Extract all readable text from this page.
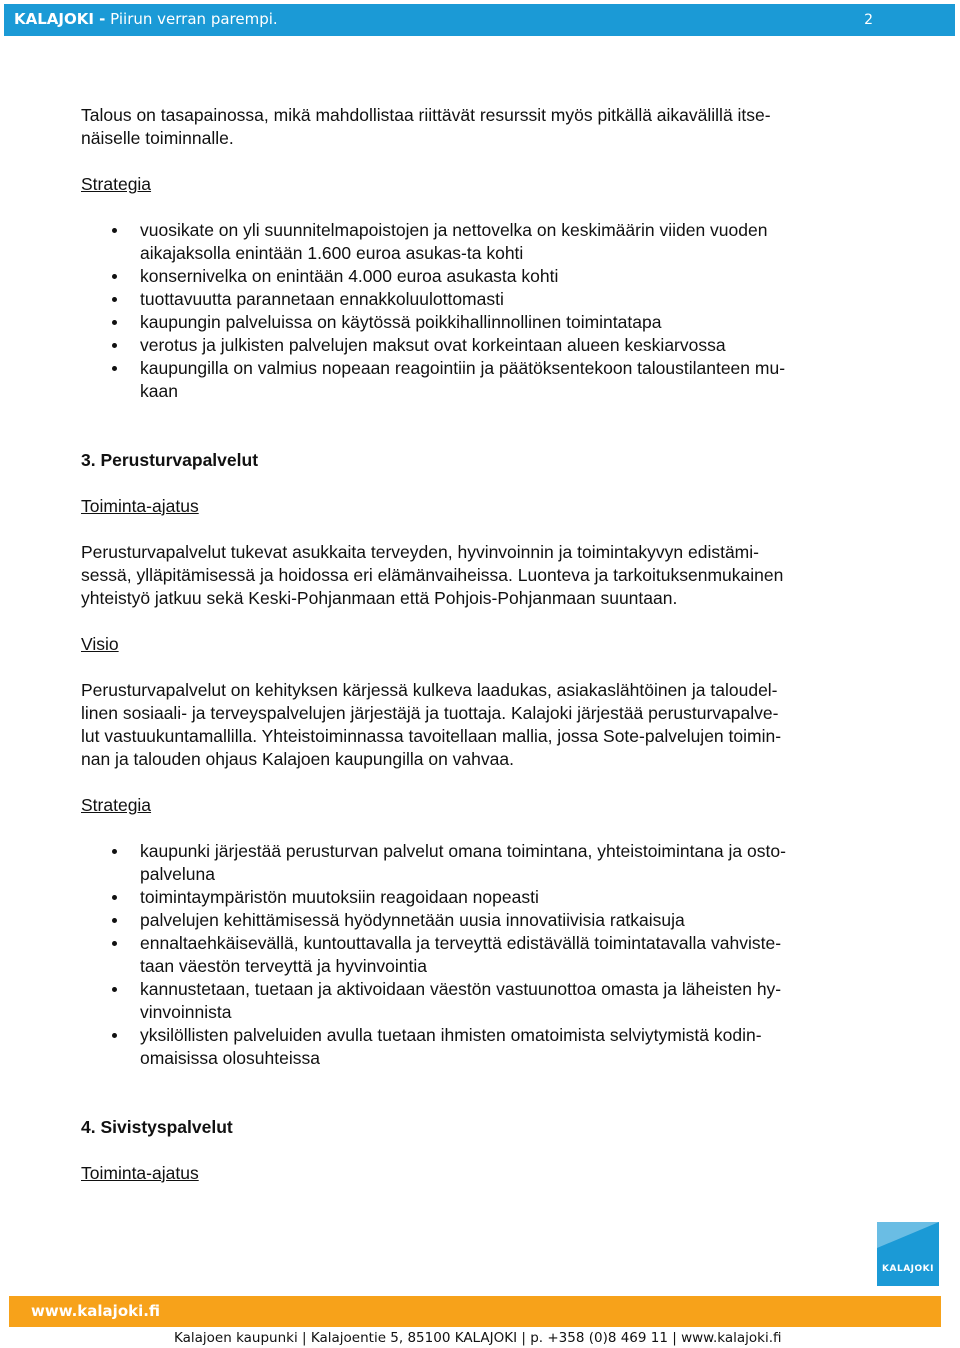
KALAJOKI - Piirun verran parempi.	2

Talous on tasapainossa, mikä mahdollistaa riittävät resurssit myös pitkällä aikavälillä itse-
näiselle toiminnalle.

Strategia

vuosikate on yli suunnitelmapoistojen ja nettovelka on keskimäärin viiden vuoden
aikajaksolla enintään 1.600 euroa asukas-ta kohti
konsernivelka on enintään 4.000 euroa asukasta kohti
tuottavuutta parannetaan ennakkoluulottomasti
kaupungin palveluissa on käytössä poikkihallinnollinen toimintatapa
verotus ja julkisten palvelujen maksut ovat korkeintaan alueen keskiarvossa
kaupungilla on valmius nopeaan reagointiin ja päätöksentekoon taloustilanteen mu-
kaan

3. Perusturvapalvelut

Toiminta-ajatus

Perusturvapalvelut tukevat asukkaita terveyden, hyvinvoinnin ja toimintakyvyn edistämi-
sessä, ylläpitämisessä ja hoidossa eri elämänvaiheissa. Luonteva ja tarkoituksenmukainen
yhteistyö jatkuu sekä Keski-Pohjanmaan että Pohjois-Pohjanmaan suuntaan.

Visio

Perusturvapalvelut on kehityksen kärjessä kulkeva laadukas, asiakaslähtöinen ja taloudel-
linen sosiaali- ja terveyspalvelujen järjestäjä ja tuottaja. Kalajoki järjestää perusturvapalve-
lut vastuukuntamallilla. Yhteistoiminnassa tavoitellaan mallia, jossa Sote-palvelujen toimin-
nan ja talouden ohjaus Kalajoen kaupungilla on vahvaa.

Strategia

kaupunki järjestää perusturvan palvelut omana toimintana, yhteistoimintana ja osto-
palveluna
toimintaympäristön muutoksiin reagoidaan nopeasti
palvelujen kehittämisessä hyödynnetään uusia innovatiivisia ratkaisuja
ennaltaehkäisevällä, kuntouttavalla ja terveyttä edistävällä toimintatavalla vahviste-
taan väestön terveyttä ja hyvinvointia
kannustetaan, tuetaan ja aktivoidaan väestön vastuunottoa omasta ja läheisten hy-
vinvoinnista
yksilöllisten palveluiden avulla tuetaan ihmisten omatoimista selviytymistä kodin-
omaisissa olosuhteissa

4. Sivistyspalvelut

Toiminta-ajatus

KALAJOKI
www.kalajoki.fi
Kalajoen kaupunki | Kalajoentie 5, 85100 KALAJOKI | p. +358 (0)8 469 11 | www.kalajoki.fi
